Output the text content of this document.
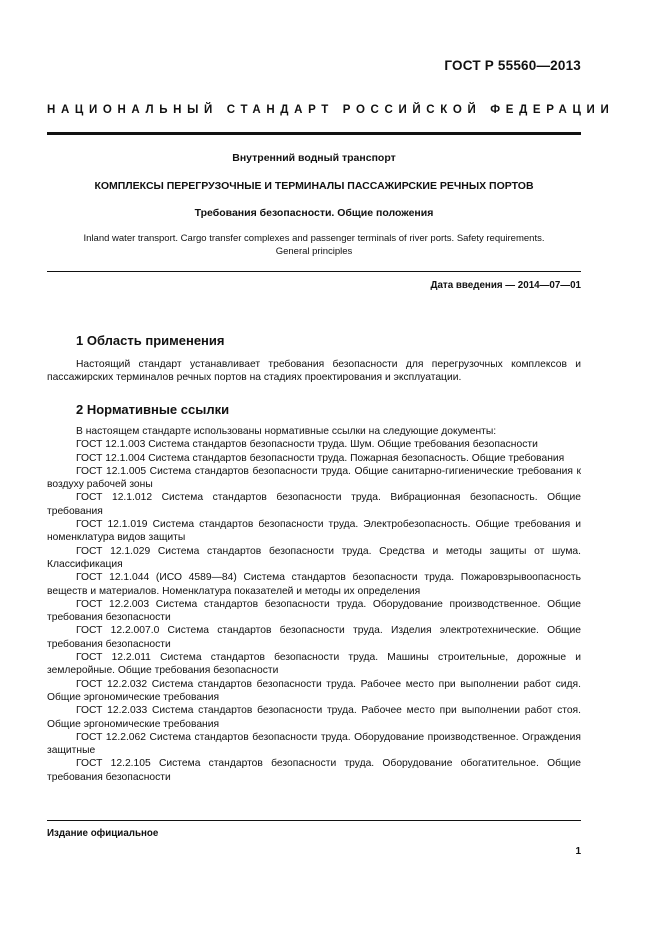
ГОСТ Р 55560—2013
НАЦИОНАЛЬНЫЙ СТАНДАРТ РОССИЙСКОЙ ФЕДЕРАЦИИ
Внутренний водный транспорт
КОМПЛЕКСЫ ПЕРЕГРУЗОЧНЫЕ И ТЕРМИНАЛЫ ПАССАЖИРСКИЕ РЕЧНЫХ ПОРТОВ
Требования безопасности. Общие положения
Inland water transport. Cargo transfer complexes and passenger terminals of river ports. Safety requirements.
General principles
Дата введения — 2014—07—01
1 Область применения

Настоящий стандарт устанавливает требования безопасности для перегрузочных комплексов и пассажирских терминалов речных портов на стадиях проектирования и эксплуатации.

2 Нормативные ссылки

В настоящем стандарте использованы нормативные ссылки на следующие документы:

ГОСТ 12.1.003 Система стандартов безопасности труда. Шум. Общие требования безопасности

ГОСТ 12.1.004 Система стандартов безопасности труда. Пожарная безопасность. Общие требования

ГОСТ 12.1.005 Система стандартов безопасности труда. Общие санитарно-гигиенические требования к воздуху рабочей зоны

ГОСТ 12.1.012 Система стандартов безопасности труда. Вибрационная безопасность. Общие требования

ГОСТ 12.1.019 Система стандартов безопасности труда. Электробезопасность. Общие требования и номенклатура видов защиты

ГОСТ 12.1.029 Система стандартов безопасности труда. Средства и методы защиты от шума. Классификация

ГОСТ 12.1.044 (ИСО 4589—84) Система стандартов безопасности труда. Пожаровзрывоопасность веществ и материалов. Номенклатура показателей и методы их определения

ГОСТ 12.2.003 Система стандартов безопасности труда. Оборудование производственное. Общие требования безопасности

ГОСТ 12.2.007.0 Система стандартов безопасности труда. Изделия электротехнические. Общие требования безопасности

ГОСТ 12.2.011 Система стандартов безопасности труда. Машины строительные, дорожные и землеройные. Общие требования безопасности

ГОСТ 12.2.032 Система стандартов безопасности труда. Рабочее место при выполнении работ сидя. Общие эргономические требования

ГОСТ 12.2.033 Система стандартов безопасности труда. Рабочее место при выполнении работ стоя. Общие эргономические требования

ГОСТ 12.2.062 Система стандартов безопасности труда. Оборудование производственное. Ограждения защитные

ГОСТ 12.2.105 Система стандартов безопасности труда. Оборудование обогатительное. Общие требования безопасности

Издание официальное
1
